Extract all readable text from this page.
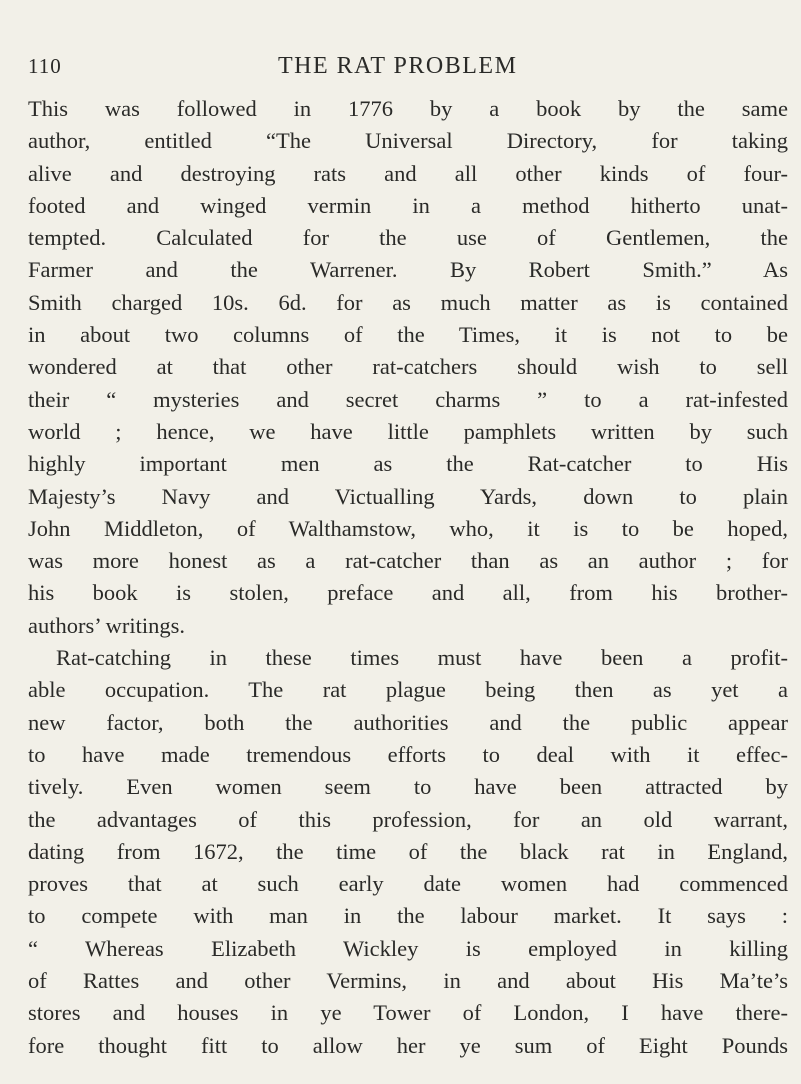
110	THE RAT PROBLEM
This was followed in 1776 by a book by the same
author, entitled “The Universal Directory, for taking
alive and destroying rats and all other kinds of four-
footed and winged vermin in a method hitherto unat-
tempted. Calculated for the use of Gentlemen, the
Farmer and the Warrener. By Robert Smith.” As
Smith charged 10s. 6d. for as much matter as is contained
in about two columns of the Times, it is not to be
wondered at that other rat-catchers should wish to sell
their “ mysteries and secret charms ” to a rat-infested
world ; hence, we have little pamphlets written by such
highly important men as the Rat-catcher to His
Majesty’s Navy and Victualling Yards, down to plain
John Middleton, of Walthamstow, who, it is to be hoped,
was more honest as a rat-catcher than as an author ; for
his book is stolen, preface and all, from his brother-
authors’ writings.
Rat-catching in these times must have been a profit-
able occupation. The rat plague being then as yet a
new factor, both the authorities and the public appear
to have made tremendous efforts to deal with it effec-
tively. Even women seem to have been attracted by
the advantages of this profession, for an old warrant,
dating from 1672, the time of the black rat in England,
proves that at such early date women had commenced
to compete with man in the labour market. It says :
“ Whereas Elizabeth Wickley is employed in killing
of Rattes and other Vermins, in and about His Ma’te’s
stores and houses in ye Tower of London, I have there-
fore thought fitt to allow her ye sum of Eight Pounds
